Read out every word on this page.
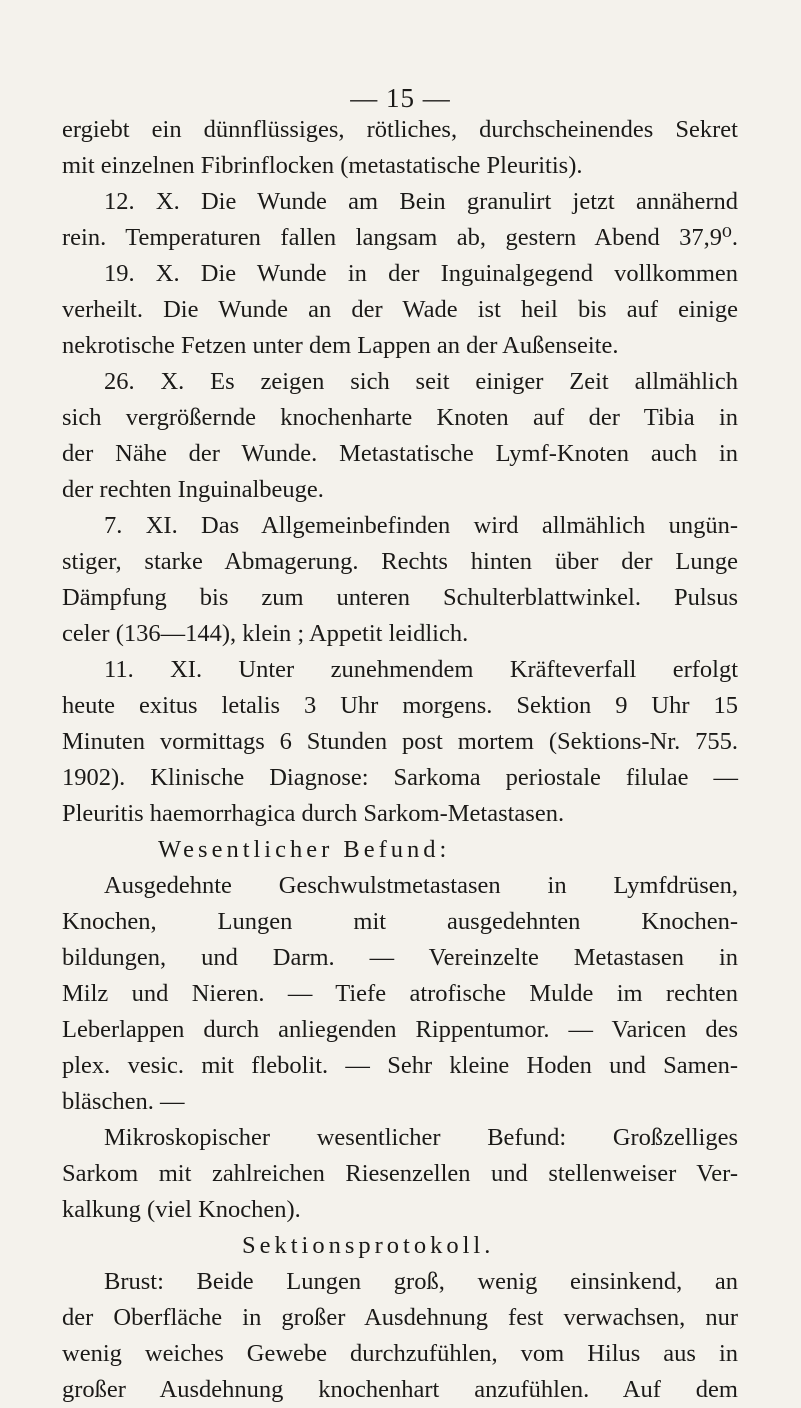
— 15 —
ergiebt ein dünnflüssiges, rötliches, durchscheinendes Sekret
mit einzelnen Fibrinflocken (metastatische Pleuritis).
12. X. Die Wunde am Bein granulirt jetzt annähernd
rein. Temperaturen fallen langsam ab, gestern Abend 37,9⁰.
19. X. Die Wunde in der Inguinalgegend vollkommen
verheilt. Die Wunde an der Wade ist heil bis auf einige
nekrotische Fetzen unter dem Lappen an der Außenseite.
26. X. Es zeigen sich seit einiger Zeit allmählich
sich vergrößernde knochenharte Knoten auf der Tibia in
der Nähe der Wunde. Metastatische Lymf-Knoten auch in
der rechten Inguinalbeuge.
7. XI. Das Allgemeinbefinden wird allmählich ungün-
stiger, starke Abmagerung. Rechts hinten über der Lunge
Dämpfung bis zum unteren Schulterblattwinkel. Pulsus
celer (136—144), klein ; Appetit leidlich.
11. XI. Unter zunehmendem Kräfteverfall erfolgt
heute exitus letalis 3 Uhr morgens. Sektion 9 Uhr 15
Minuten vormittags 6 Stunden post mortem (Sektions-Nr. 755.
1902). Klinische Diagnose: Sarkoma periostale filulae —
Pleuritis haemorrhagica durch Sarkom-Metastasen.
Wesentlicher Befund:
Ausgedehnte Geschwulstmetastasen in Lymfdrüsen,
Knochen, Lungen mit ausgedehnten Knochen-
bildungen, und Darm. — Vereinzelte Metastasen in
Milz und Nieren. — Tiefe atrofische Mulde im rechten
Leberlappen durch anliegenden Rippentumor. — Varicen des
plex. vesic. mit flebolit. — Sehr kleine Hoden und Samen-
bläschen. —
Mikroskopischer wesentlicher Befund: Großzelliges
Sarkom mit zahlreichen Riesenzellen und stellenweiser Ver-
kalkung (viel Knochen).
Sektionsprotokoll.
Brust: Beide Lungen groß, wenig einsinkend, an
der Oberfläche in großer Ausdehnung fest verwachsen, nur
wenig weiches Gewebe durchzufühlen, vom Hilus aus in
großer Ausdehnung knochenhart anzufühlen. Auf dem
